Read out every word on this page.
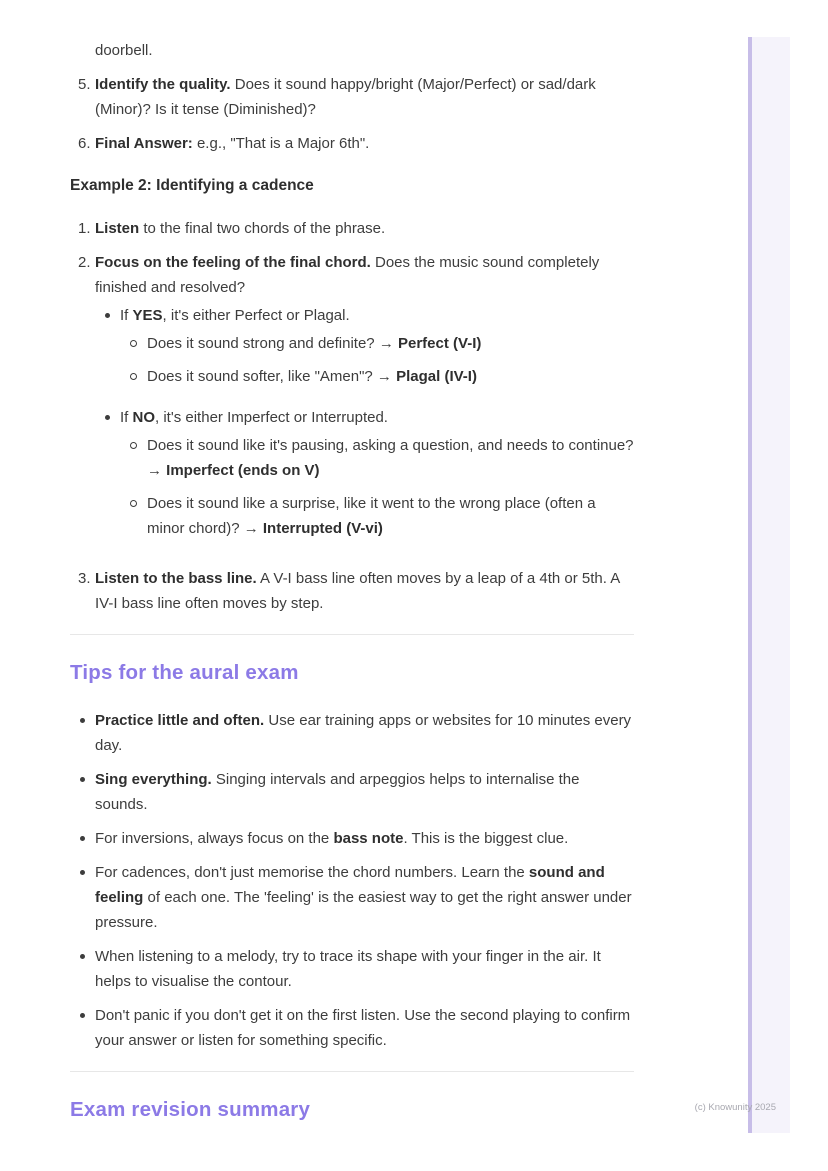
(c) Knowunity 2025

doorbell.

5. Identify the quality. Does it sound happy/bright (Major/Perfect) or sad/dark (Minor)? Is it tense (Diminished)?
6. Final Answer: e.g., "That is a Major 6th".
Example 2: Identifying a cadence
1. Listen to the final two chords of the phrase.
2. Focus on the feeling of the final chord. Does the music sound completely finished and resolved?
If YES, it's either Perfect or Plagal.
Does it sound strong and definite? → Perfect (V-I)
Does it sound softer, like "Amen"? → Plagal (IV-I)
If NO, it's either Imperfect or Interrupted.
Does it sound like it's pausing, asking a question, and needs to continue? → Imperfect (ends on V)
Does it sound like a surprise, like it went to the wrong place (often a minor chord)? → Interrupted (V-vi)
3. Listen to the bass line. A V-I bass line often moves by a leap of a 4th or 5th. A IV-I bass line often moves by step.
Tips for the aural exam
Practice little and often. Use ear training apps or websites for 10 minutes every day.
Sing everything. Singing intervals and arpeggios helps to internalise the sounds.
For inversions, always focus on the bass note. This is the biggest clue.
For cadences, don't just memorise the chord numbers. Learn the sound and feeling of each one. The 'feeling' is the easiest way to get the right answer under pressure.
When listening to a melody, try to trace its shape with your finger in the air. It helps to visualise the contour.
Don't panic if you don't get it on the first listen. Use the second playing to confirm your answer or listen for something specific.
Exam revision summary
